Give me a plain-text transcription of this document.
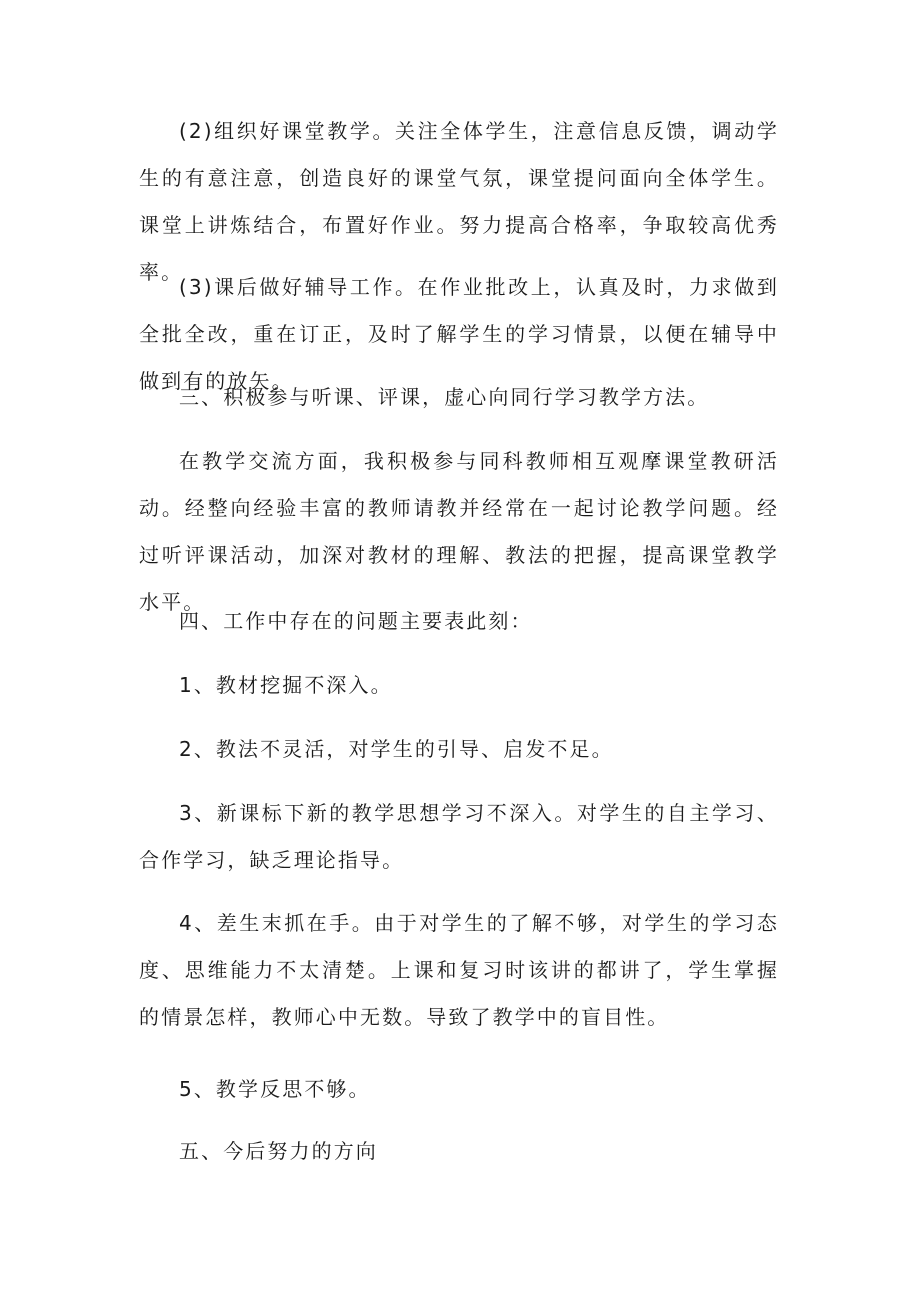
(2)组织好课堂教学。关注全体学生，注意信息反馈，调动学生的有意注意，创造良好的课堂气氛，课堂提问面向全体学生。课堂上讲炼结合，布置好作业。努力提高合格率，争取较高优秀率。

(3)课后做好辅导工作。在作业批改上，认真及时，力求做到全批全改，重在订正，及时了解学生的学习情景，以便在辅导中做到有的放矢。

三、积极参与听课、评课，虚心向同行学习教学方法。

在教学交流方面，我积极参与同科教师相互观摩课堂教研活动。经整向经验丰富的教师请教并经常在一起讨论教学问题。经过听评课活动，加深对教材的理解、教法的把握，提高课堂教学水平。

四、工作中存在的问题主要表此刻：

1、教材挖掘不深入。

2、教法不灵活，对学生的引导、启发不足。

3、新课标下新的教学思想学习不深入。对学生的自主学习、合作学习，缺乏理论指导。

4、差生末抓在手。由于对学生的了解不够，对学生的学习态度、思维能力不太清楚。上课和复习时该讲的都讲了，学生掌握的情景怎样，教师心中无数。导致了教学中的盲目性。

5、教学反思不够。

五、今后努力的方向
